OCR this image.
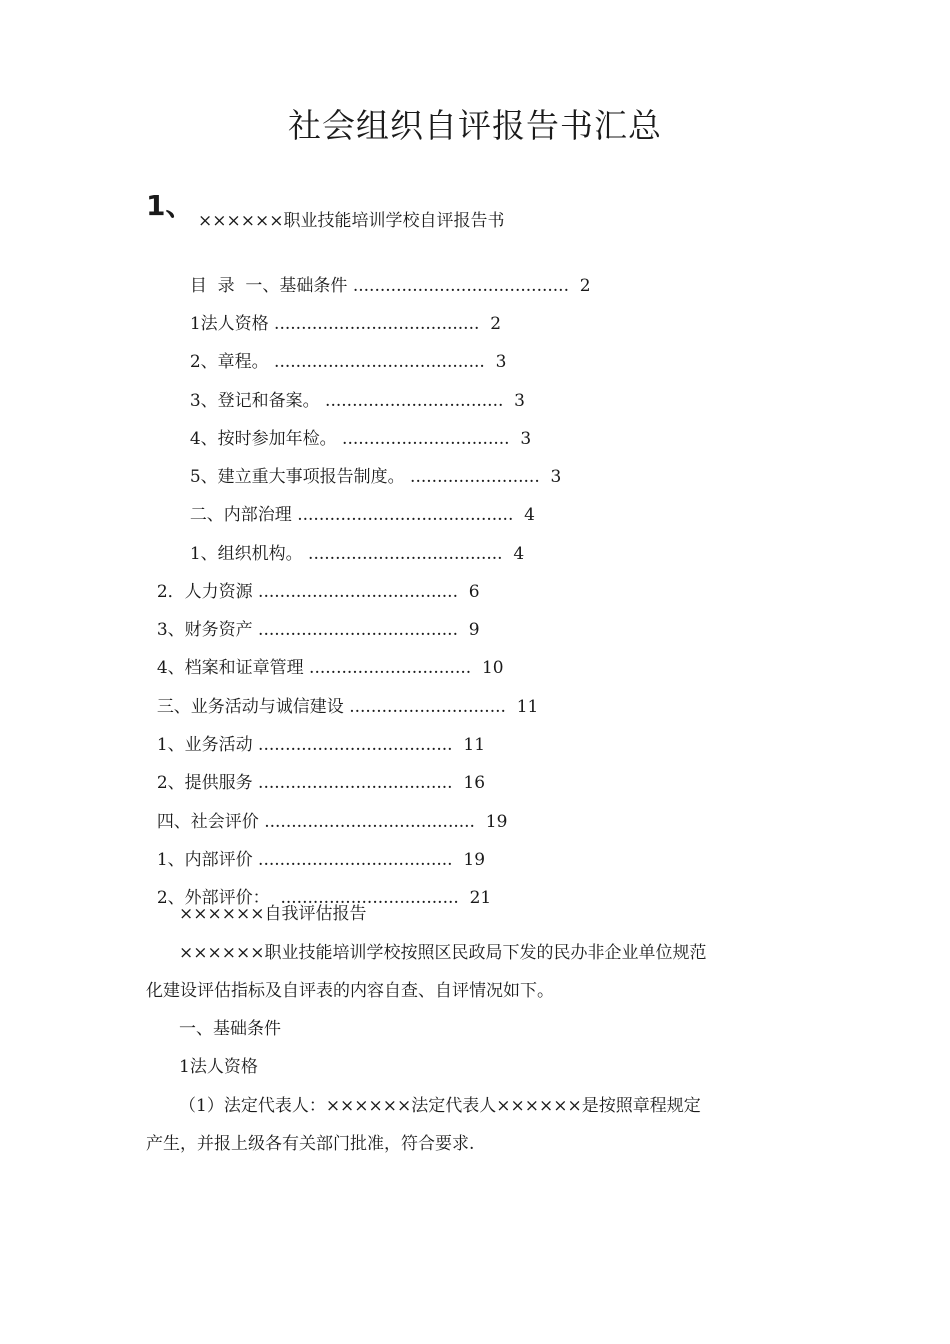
社会组织自评报告书汇总
1、 ××××××职业技能培训学校自评报告书

目  录  一、基础条件 ........................................  2

1法人资格 ......................................  2

2、章程。 .......................................  3

3、登记和备案。 .................................  3

4、按时参加年检。 ...............................  3

5、建立重大事项报告制度。 ........................  3

二、内部治理 ........................................  4

1、组织机构。 ....................................  4

2．人力资源 .....................................  6

3、财务资产 .....................................  9

4、档案和证章管理 ..............................  10

三、业务活动与诚信建设 .............................  11

1、业务活动 ....................................  11

2、提供服务 ....................................  16

四、社会评价 .......................................  19

1、内部评价 ....................................  19

2、外部评价：  .................................  21

××××××自我评估报告
××××××职业技能培训学校按照区民政局下发的民办非企业单位规范
化建设评估指标及自评表的内容自查、自评情况如下。
一、基础条件
1法人资格
（1）法定代表人：××××××法定代表人××××××是按照章程规定
产生，并报上级各有关部门批准，符合要求.
